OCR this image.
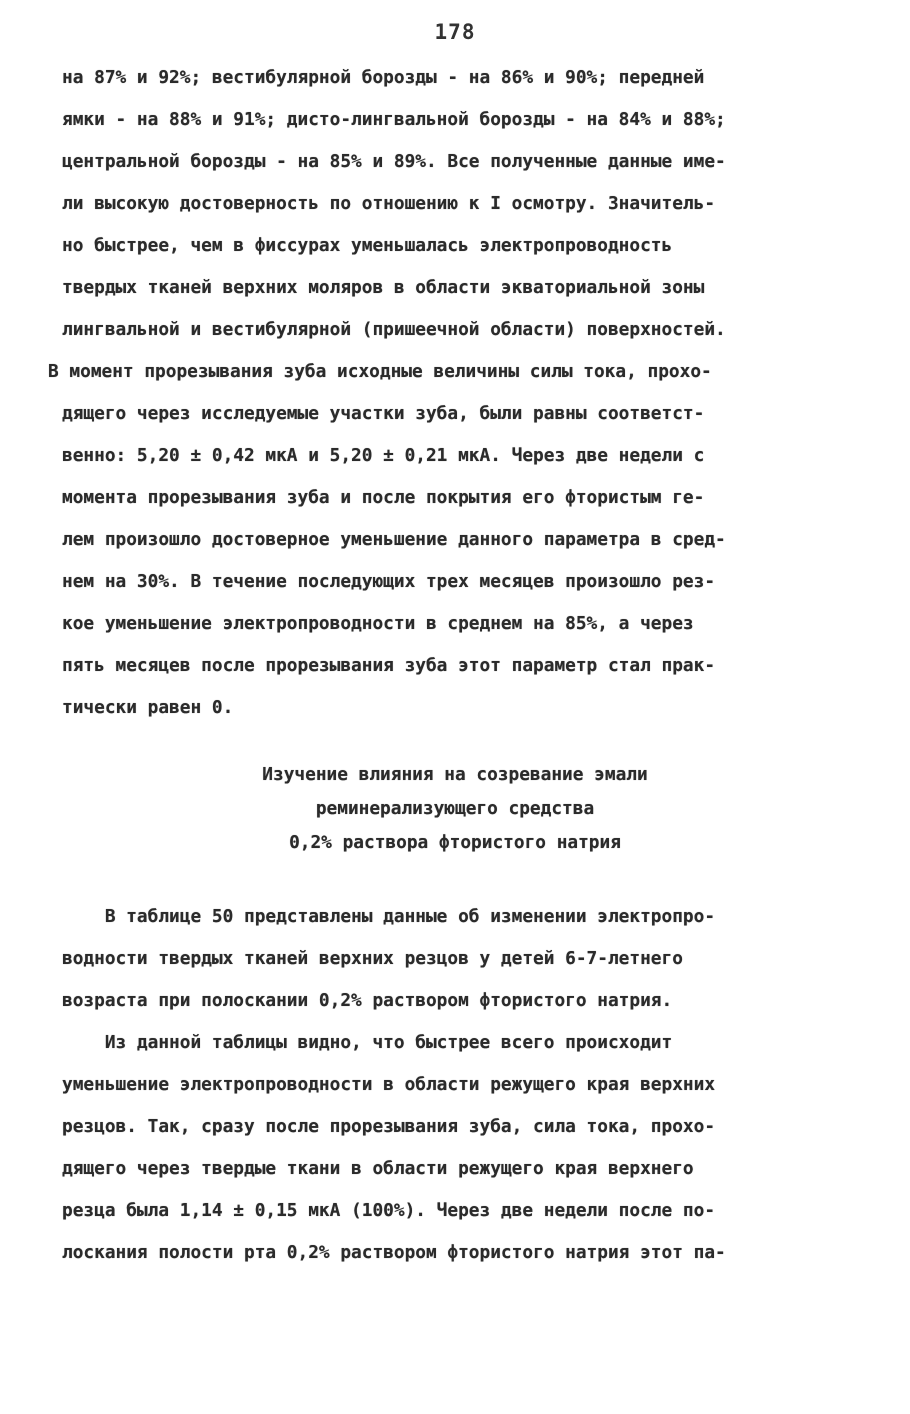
178
на 87% и 92%; вестибулярной борозды - на 86% и 90%; передней
ямки - на 88% и 91%; дисто-лингвальной борозды - на 84% и 88%;
центральной борозды - на 85% и 89%. Все полученные данные име-
ли высокую достоверность по отношению к I осмотру. Значитель-
но быстрее, чем в фиссурах уменьшалась электропроводность
твердых тканей верхних моляров в области экваториальной зоны
лингвальной и вестибулярной (пришеечной области) поверхностей.
В момент прорезывания зуба исходные величины силы тока, прохо-
дящего через исследуемые участки зуба, были равны соответст-
венно: 5,20 ± 0,42 мкА и 5,20 ± 0,21 мкА. Через две недели с
момента прорезывания зуба и после покрытия его фтористым ге-
лем произошло достоверное уменьшение данного параметра в сред-
нем на 30%. В течение последующих трех месяцев произошло рез-
кое уменьшение электропроводности в среднем на 85%, а через
пять месяцев после прорезывания зуба этот параметр стал прак-
тически равен 0.
Изучение влияния на созревание эмали
реминерализующего средства
0,2% раствора фтористого натрия
В таблице 50 представлены данные об изменении электропро-
водности твердых тканей верхних резцов у детей 6-7-летнего
возраста при полоскании 0,2% раствором фтористого натрия.
Из данной таблицы видно, что быстрее всего происходит
уменьшение электропроводности в области режущего края верхних
резцов. Так, сразу после прорезывания зуба, сила тока, прохо-
дящего через твердые ткани в области режущего края верхнего
резца была 1,14 ± 0,15 мкА (100%). Через две недели после по-
лоскания полости рта 0,2% раствором фтористого натрия этот па-
